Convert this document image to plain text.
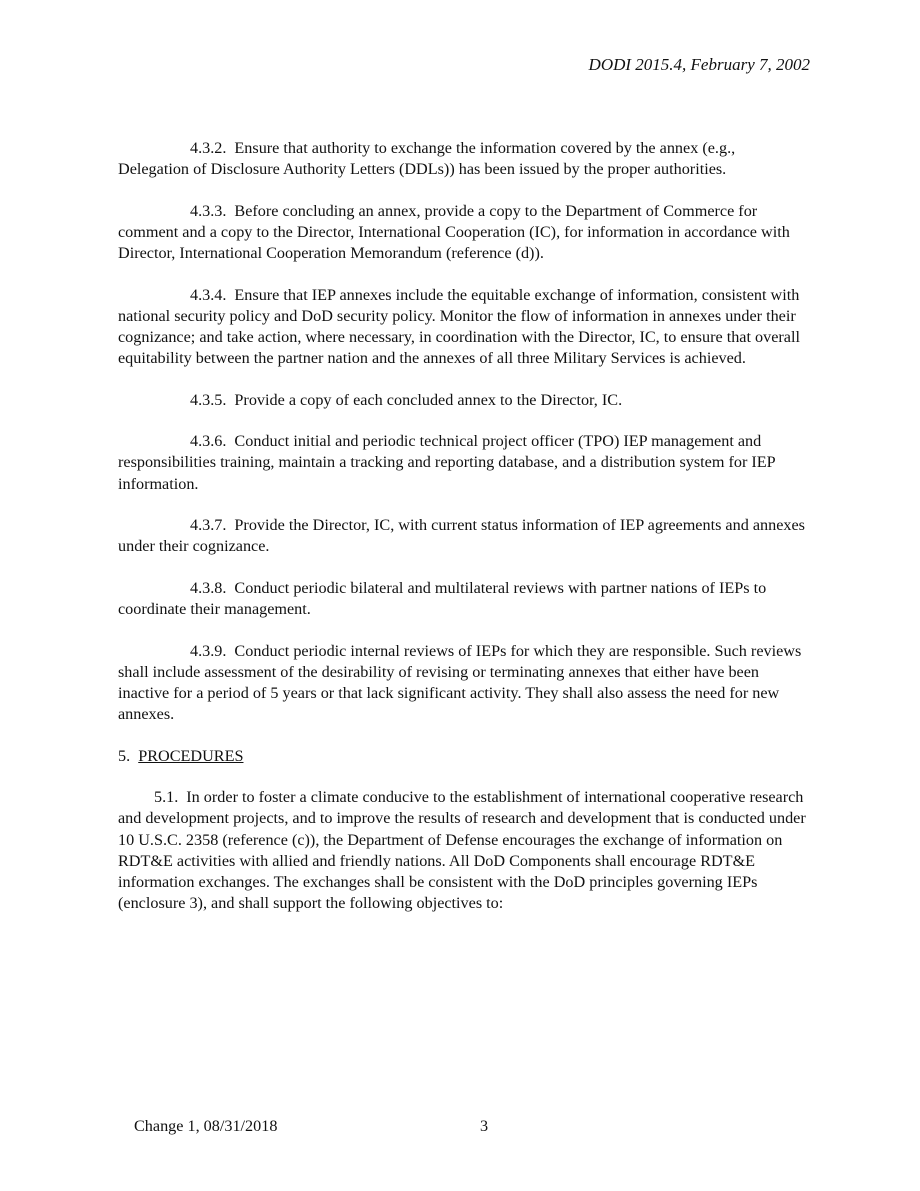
DODI 2015.4, February 7, 2002

4.3.2. Ensure that authority to exchange the information covered by the annex (e.g., Delegation of Disclosure Authority Letters (DDLs)) has been issued by the proper authorities.

4.3.3. Before concluding an annex, provide a copy to the Department of Commerce for comment and a copy to the Director, International Cooperation (IC), for information in accordance with Director, International Cooperation Memorandum (reference (d)).

4.3.4. Ensure that IEP annexes include the equitable exchange of information, consistent with national security policy and DoD security policy. Monitor the flow of information in annexes under their cognizance; and take action, where necessary, in coordination with the Director, IC, to ensure that overall equitability between the partner nation and the annexes of all three Military Services is achieved.

4.3.5. Provide a copy of each concluded annex to the Director, IC.

4.3.6. Conduct initial and periodic technical project officer (TPO) IEP management and responsibilities training, maintain a tracking and reporting database, and a distribution system for IEP information.

4.3.7. Provide the Director, IC, with current status information of IEP agreements and annexes under their cognizance.

4.3.8. Conduct periodic bilateral and multilateral reviews with partner nations of IEPs to coordinate their management.

4.3.9. Conduct periodic internal reviews of IEPs for which they are responsible. Such reviews shall include assessment of the desirability of revising or terminating annexes that either have been inactive for a period of 5 years or that lack significant activity. They shall also assess the need for new annexes.

5. PROCEDURES

5.1. In order to foster a climate conducive to the establishment of international cooperative research and development projects, and to improve the results of research and development that is conducted under 10 U.S.C. 2358 (reference (c)), the Department of Defense encourages the exchange of information on RDT&E activities with allied and friendly nations. All DoD Components shall encourage RDT&E information exchanges. The exchanges shall be consistent with the DoD principles governing IEPs (enclosure 3), and shall support the following objectives to:

Change 1, 08/31/2018	3
